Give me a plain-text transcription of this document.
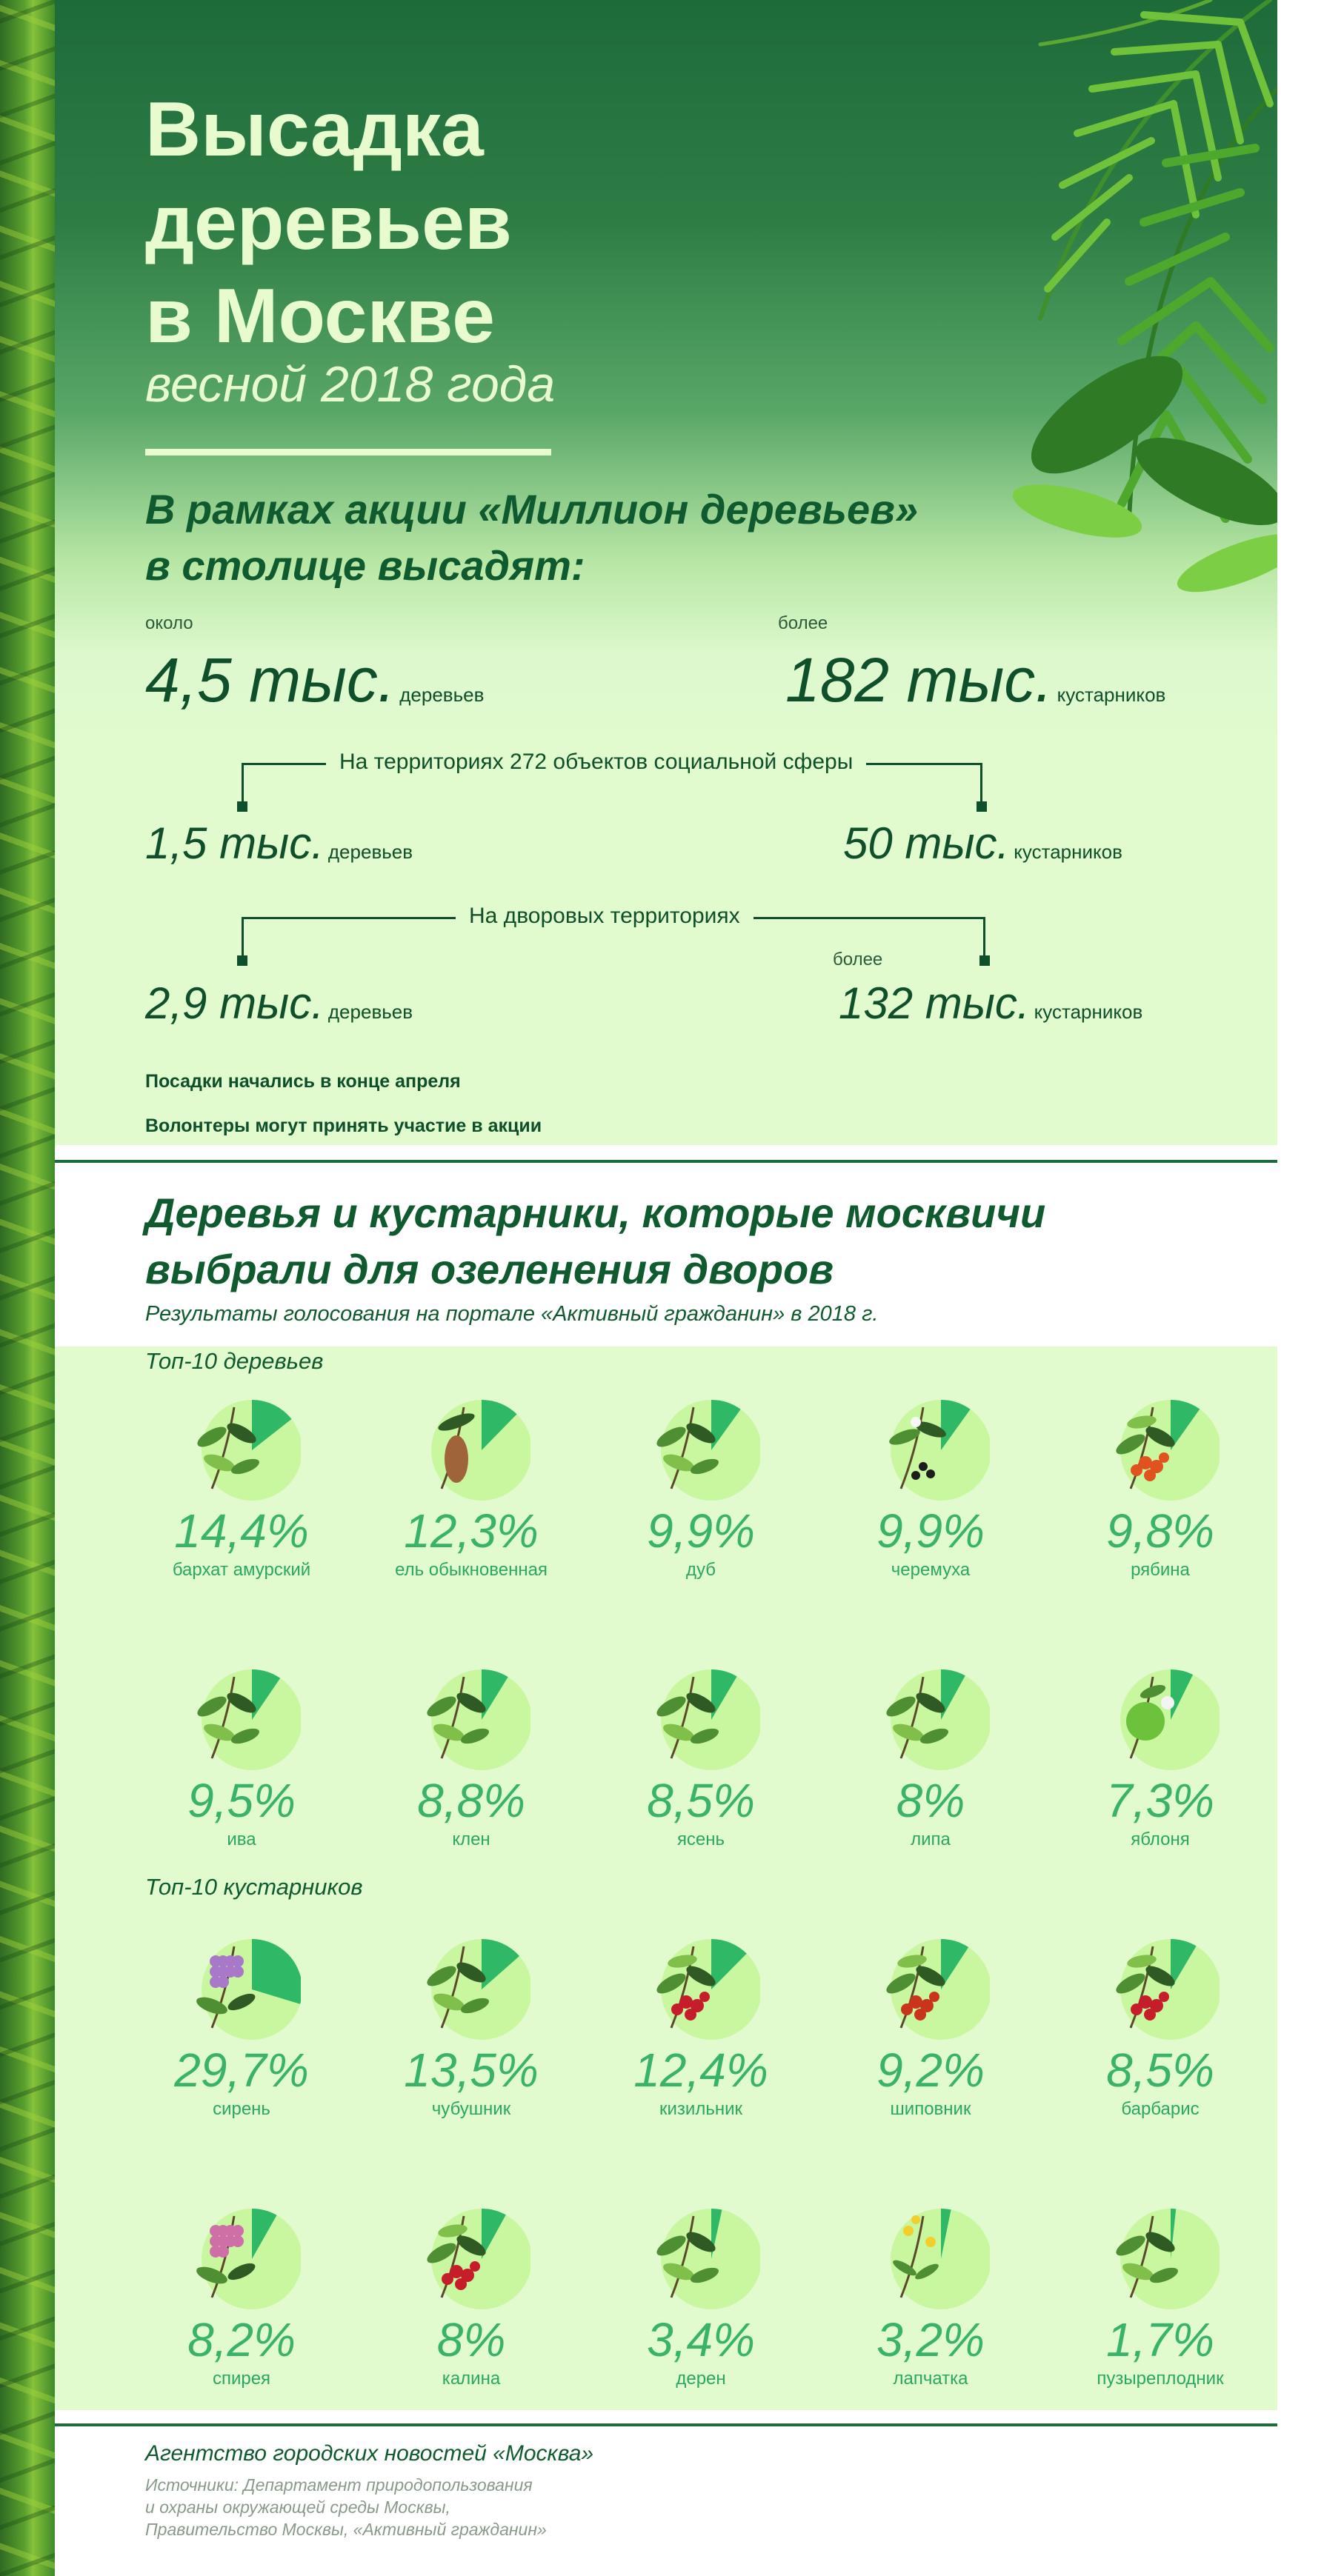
Высадка
деревьев
в Москве
весной 2018 года
В рамках акции «Миллион деревьев»
в столице высадят:
около
4,5 тыс. деревьев
более
182 тыс. кустарников
На территориях 272 объектов социальной сферы
1,5 тыс. деревьев	50 тыс. кустарников
На дворовых территориях
2,9 тыс. деревьев
более
132 тыс. кустарников
Посадки начались в конце апреля
Волонтеры могут принять участие в акции
Деревья и кустарники, которые москвичи
выбрали для озеленения дворов
Результаты голосования на портале «Активный гражданин» в 2018 г.
Топ-10 деревьев
Топ-10 кустарников
14,4%
бархат амурский
12,3%
ель обыкновенная
9,9%
дуб
9,9%
черемуха
9,8%
рябина
9,5%
ива
8,8%
клен
8,5%
ясень
8%
липа
7,3%
яблоня
29,7%
сирень
13,5%
чубушник
12,4%
кизильник
9,2%
шиповник
8,5%
барбарис
8,2%
спирея
8%
калина
3,4%
дерен
3,2%
лапчатка
1,7%
пузыреплодник
Агентство городских новостей «Москва»
Источники: Департамент природопользования
и охраны окружающей среды Москвы,
Правительство Москвы, «Активный гражданин»
